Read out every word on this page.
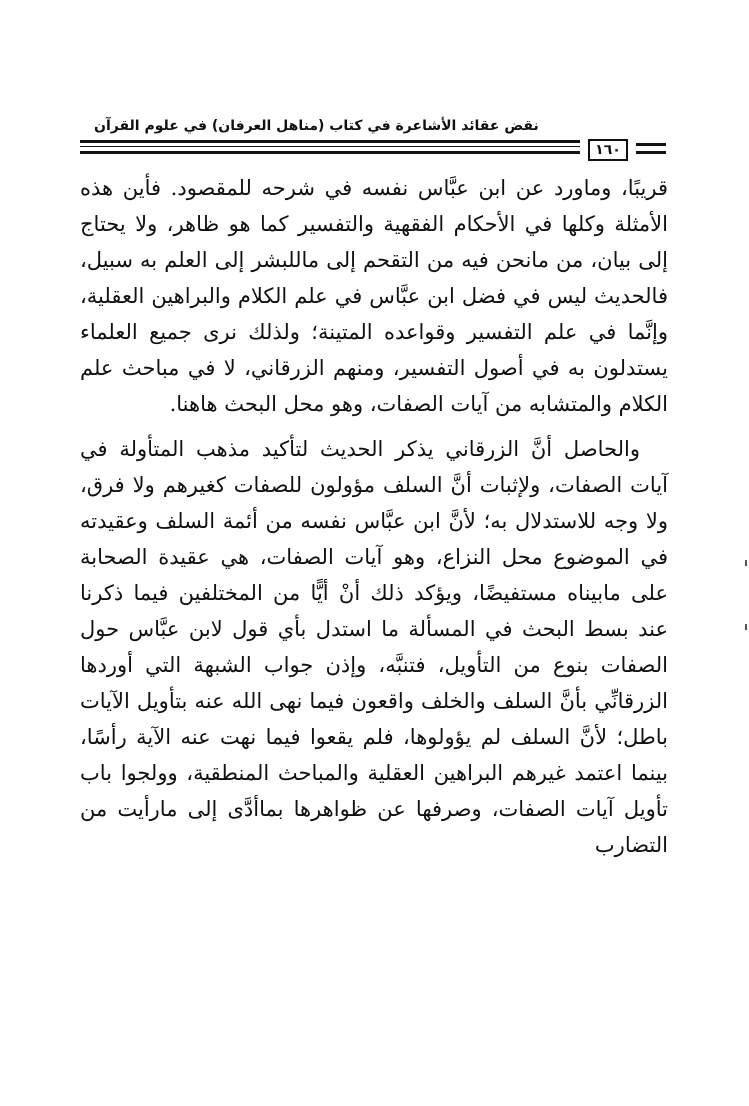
نقض عقائد الأشاعرة في كتاب (مناهل العرفان) في علوم القرآن
١٦٠

قريبًا، وماورد عن ابن عبَّاس نفسه في شرحه للمقصود. فأين هذه الأمثلة وكلها في الأحكام الفقهية والتفسير كما هو ظاهر، ولا يحتاج إلى بيان، من مانحن فيه من التقحم إلى ماللبشر إلى العلم به سبيل، فالحديث ليس في فضل ابن عبَّاس في علم الكلام والبراهين العقلية، وإنَّما في علم التفسير وقواعده المتينة؛ ولذلك نرى جميع العلماء يستدلون به في أصول التفسير، ومنهم الزرقاني، لا في مباحث علم الكلام والمتشابه من آيات الصفات، وهو محل البحث هاهنا.

والحاصل أنَّ الزرقاني يذكر الحديث لتأكيد مذهب المتأولة في آيات الصفات، ولإثبات أنَّ السلف مؤولون للصفات كغيرهم ولا فرق، ولا وجه للاستدلال به؛ لأنَّ ابن عبَّاس نفسه من أئمة السلف وعقيدته في الموضوع محل النزاع، وهو آيات الصفات، هي عقيدة الصحابة على مابيناه مستفيضًا، ويؤكد ذلك أنْ أيًّا من المختلفين فيما ذكرنا عند بسط البحث في المسألة ما استدل بأي قول لابن عبَّاس حول الصفات بنوع من التأويل، فتنبَّه، وإذن جواب الشبهة التي أوردها الزرقانِّي بأنَّ السلف والخلف واقعون فيما نهى الله عنه بتأويل الآيات باطل؛ لأنَّ السلف لم يؤولوها، فلم يقعوا فيما نهت عنه الآية رأسًا، بينما اعتمد غيرهم البراهين العقلية والمباحث المنطقية، وولجوا باب تأويل آيات الصفات، وصرفها عن ظواهرها بماأدَّى إلى مارأيت من التضارب
